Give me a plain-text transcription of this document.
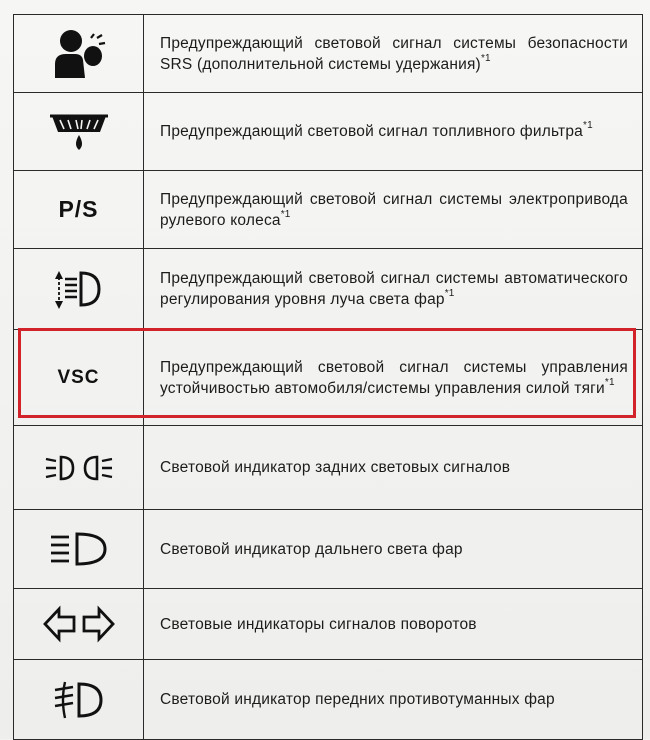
Предупреждающий световой сигнал системы безопасности SRS (дополнительной системы удержания)$^{*1}$
Предупреждающий световой сигнал топливного фильтра$^{*1}$
P/S	Предупреждающий световой сигнал системы электропривода рулевого колеса$^{*1}$
Предупреждающий световой сигнал системы автоматического регулирования уровня луча света фар$^{*1}$
VSC	Предупреждающий световой сигнал системы управления устойчивостью автомобиля/системы управления силой тяги$^{*1}$
Световой индикатор задних световых сигналов
Световой индикатор дальнего света фар
Световые индикаторы сигналов поворотов
Световой индикатор передних противотуманных фар
